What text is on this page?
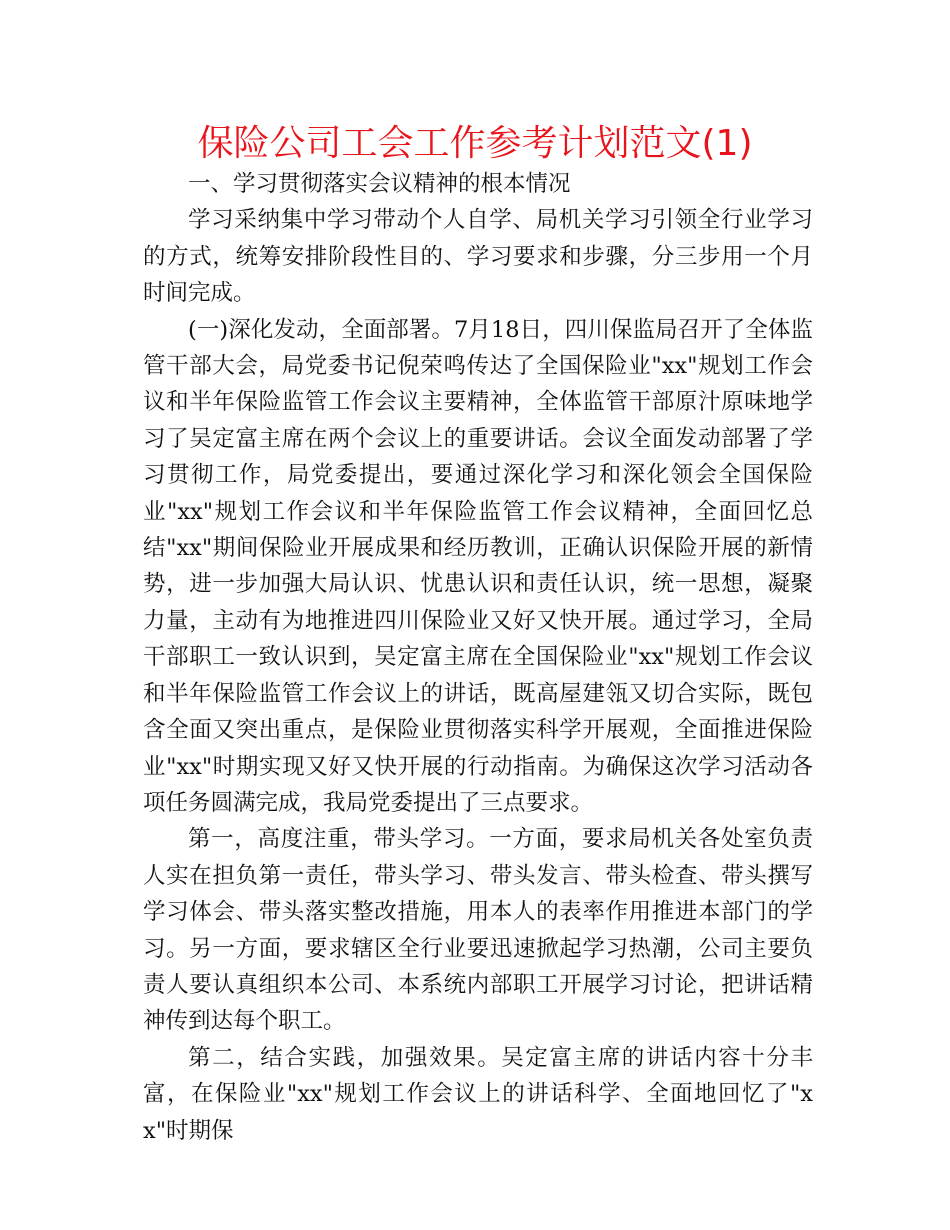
保险公司工会工作参考计划范文(1)

一、学习贯彻落实会议精神的根本情况

学习采纳集中学习带动个人自学、局机关学习引领全行业学习的方式，统筹安排阶段性目的、学习要求和步骤，分三步用一个月时间完成。

(一)深化发动，全面部署。7月18日，四川保监局召开了全体监管干部大会，局党委书记倪荣鸣传达了全国保险业"xx"规划工作会议和半年保险监管工作会议主要精神，全体监管干部原汁原味地学习了吴定富主席在两个会议上的重要讲话。会议全面发动部署了学习贯彻工作，局党委提出，要通过深化学习和深化领会全国保险业"xx"规划工作会议和半年保险监管工作会议精神，全面回忆总结"xx"期间保险业开展成果和经历教训，正确认识保险开展的新情势，进一步加强大局认识、忧患认识和责任认识，统一思想，凝聚力量，主动有为地推进四川保险业又好又快开展。通过学习，全局干部职工一致认识到，吴定富主席在全国保险业"xx"规划工作会议和半年保险监管工作会议上的讲话，既高屋建瓴又切合实际，既包含全面又突出重点，是保险业贯彻落实科学开展观，全面推进保险业"xx"时期实现又好又快开展的行动指南。为确保这次学习活动各项任务圆满完成，我局党委提出了三点要求。

第一，高度注重，带头学习。一方面，要求局机关各处室负责人实在担负第一责任，带头学习、带头发言、带头检查、带头撰写学习体会、带头落实整改措施，用本人的表率作用推进本部门的学习。另一方面，要求辖区全行业要迅速掀起学习热潮，公司主要负责人要认真组织本公司、本系统内部职工开展学习讨论，把讲话精神传到达每个职工。

第二，结合实践，加强效果。吴定富主席的讲话内容十分丰富，在保险业"xx"规划工作会议上的讲话科学、全面地回忆了"xx"时期保
